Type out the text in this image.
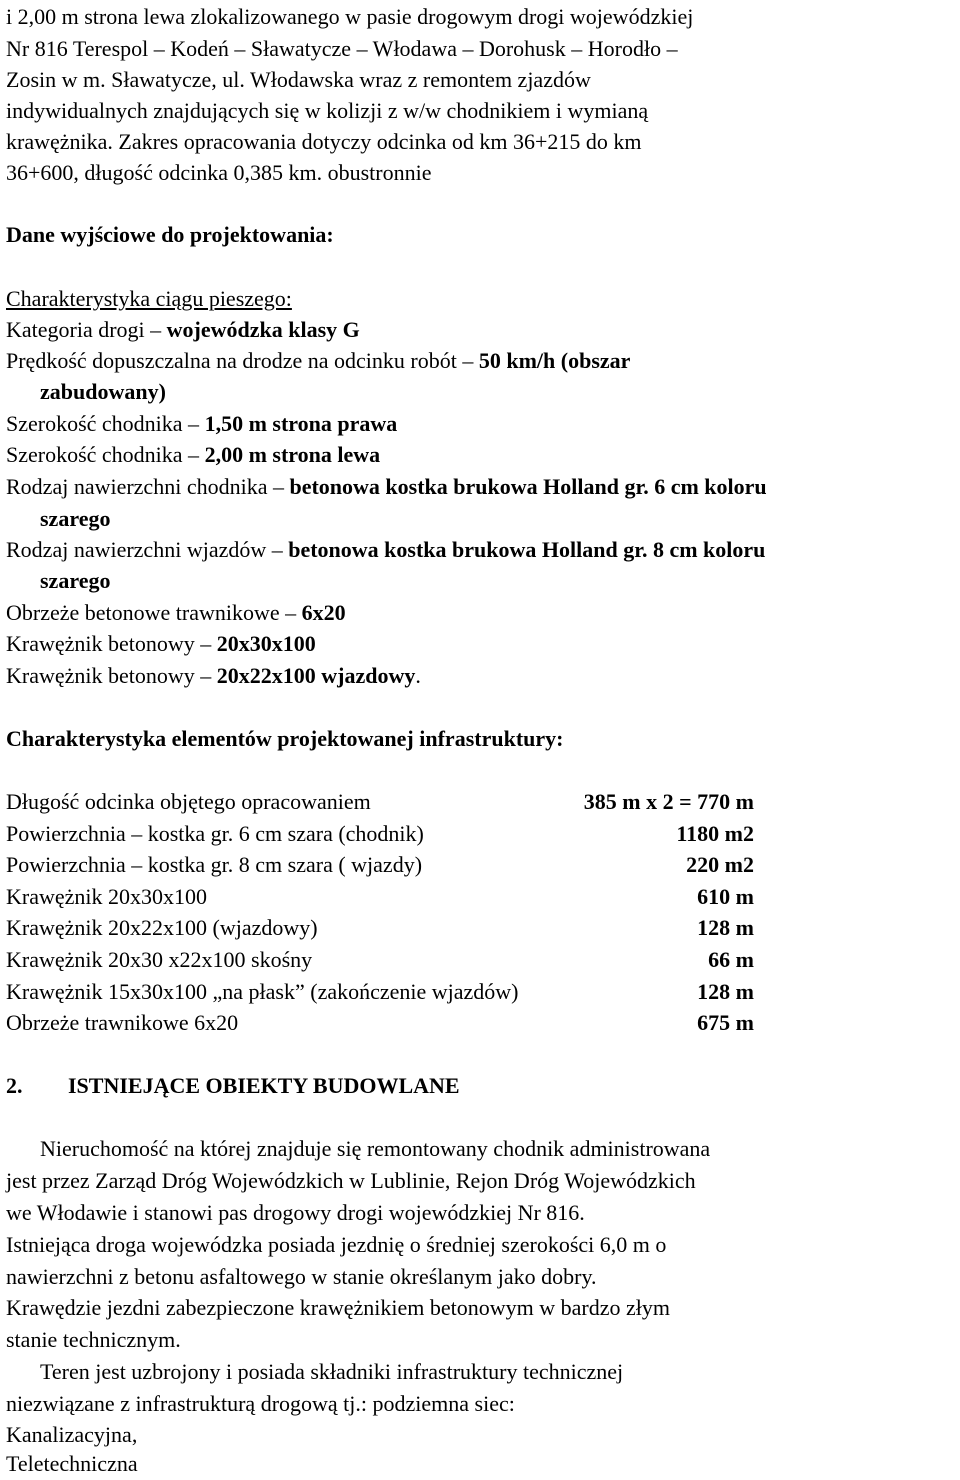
i 2,00 m strona lewa zlokalizowanego w pasie drogowym drogi wojewódzkiej
Nr 816 Terespol – Kodeń – Sławatycze – Włodawa – Dorohusk – Horodło –
Zosin w m. Sławatycze, ul. Włodawska wraz z remontem zjazdów
indywidualnych znajdujących się w kolizji z w/w chodnikiem i wymianą
krawężnika. Zakres opracowania dotyczy odcinka od km 36+215 do km
36+600, długość odcinka 0,385 km. obustronnie
Dane wyjściowe do projektowania:
Charakterystyka ciągu pieszego:
Kategoria drogi – wojewódzka klasy G
Prędkość dopuszczalna na drodze na odcinku robót – 50 km/h (obszar
zabudowany)
Szerokość chodnika – 1,50 m strona prawa
Szerokość chodnika – 2,00 m strona lewa
Rodzaj nawierzchni chodnika – betonowa kostka brukowa Holland gr. 6 cm koloru
szarego
Rodzaj nawierzchni wjazdów – betonowa kostka brukowa Holland gr. 8 cm koloru
szarego
Obrzeże betonowe trawnikowe – 6x20
Krawężnik betonowy – 20x30x100
Krawężnik betonowy – 20x22x100 wjazdowy.
Charakterystyka elementów projektowanej infrastruktury:
Długość odcinka objętego opracowaniem	385 m x 2 = 770 m
Powierzchnia – kostka gr. 6 cm szara (chodnik)	1180 m2
Powierzchnia – kostka gr. 8 cm szara ( wjazdy)	220 m2
Krawężnik 20x30x100	610 m
Krawężnik 20x22x100 (wjazdowy)	128 m
Krawężnik 20x30 x22x100 skośny	66 m
Krawężnik 15x30x100 „na płask” (zakończenie wjazdów)	128 m
Obrzeże trawnikowe 6x20	675 m
2. ISTNIEJĄCE OBIEKTY BUDOWLANE
Nieruchomość na której znajduje się remontowany chodnik administrowana
jest przez Zarząd Dróg Wojewódzkich w Lublinie, Rejon Dróg Wojewódzkich
we Włodawie i stanowi pas drogowy drogi wojewódzkiej Nr 816.
Istniejąca droga wojewódzka posiada jezdnię o średniej szerokości 6,0 m o
nawierzchni z betonu asfaltowego w stanie określanym jako dobry.
Krawędzie jezdni zabezpieczone krawężnikiem betonowym w bardzo złym
stanie technicznym.
Teren jest uzbrojony i posiada składniki infrastruktury technicznej
niezwiązane z infrastrukturą drogową tj.: podziemna siec:
Kanalizacyjna,
Teletechniczna
